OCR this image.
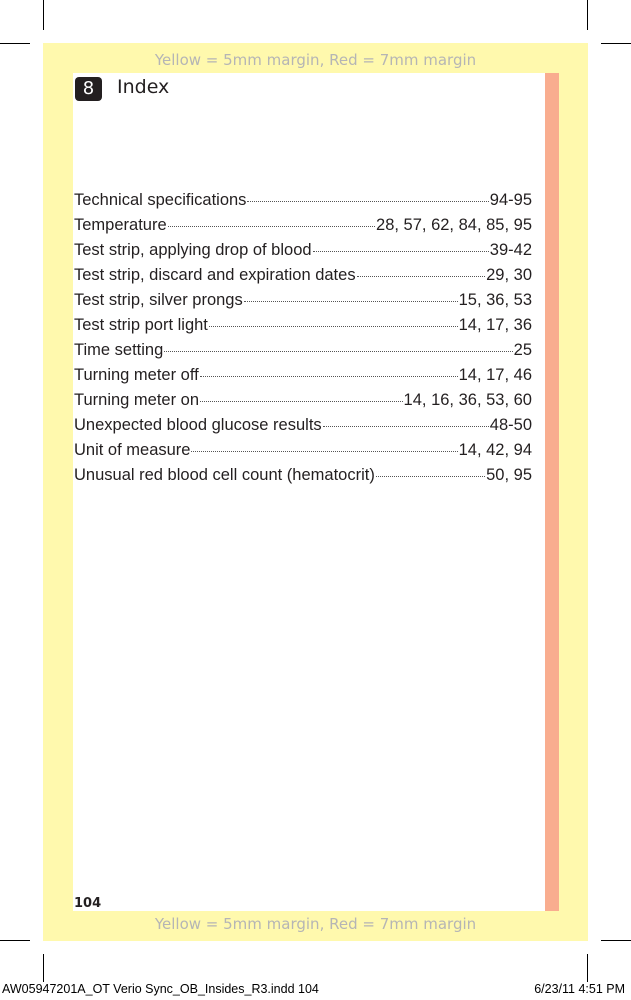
Yellow = 5mm margin, Red = 7mm margin
Yellow = 5mm margin, Red = 7mm margin
8	Index
Technical specifications	94-95
Temperature	28, 57, 62, 84, 85, 95
Test strip, applying drop of blood	39-42
Test strip, discard and expiration dates	29, 30
Test strip, silver prongs	15, 36, 53
Test strip port light	14, 17, 36
Time setting	25
Turning meter off	14, 17, 46
Turning meter on	14, 16, 36, 53, 60
Unexpected blood glucose results	48-50
Unit of measure	14, 42, 94
Unusual red blood cell count (hematocrit)	50, 95
104
AW05947201A_OT Verio Sync_OB_Insides_R3.indd 104	6/23/11 4:51 PM
